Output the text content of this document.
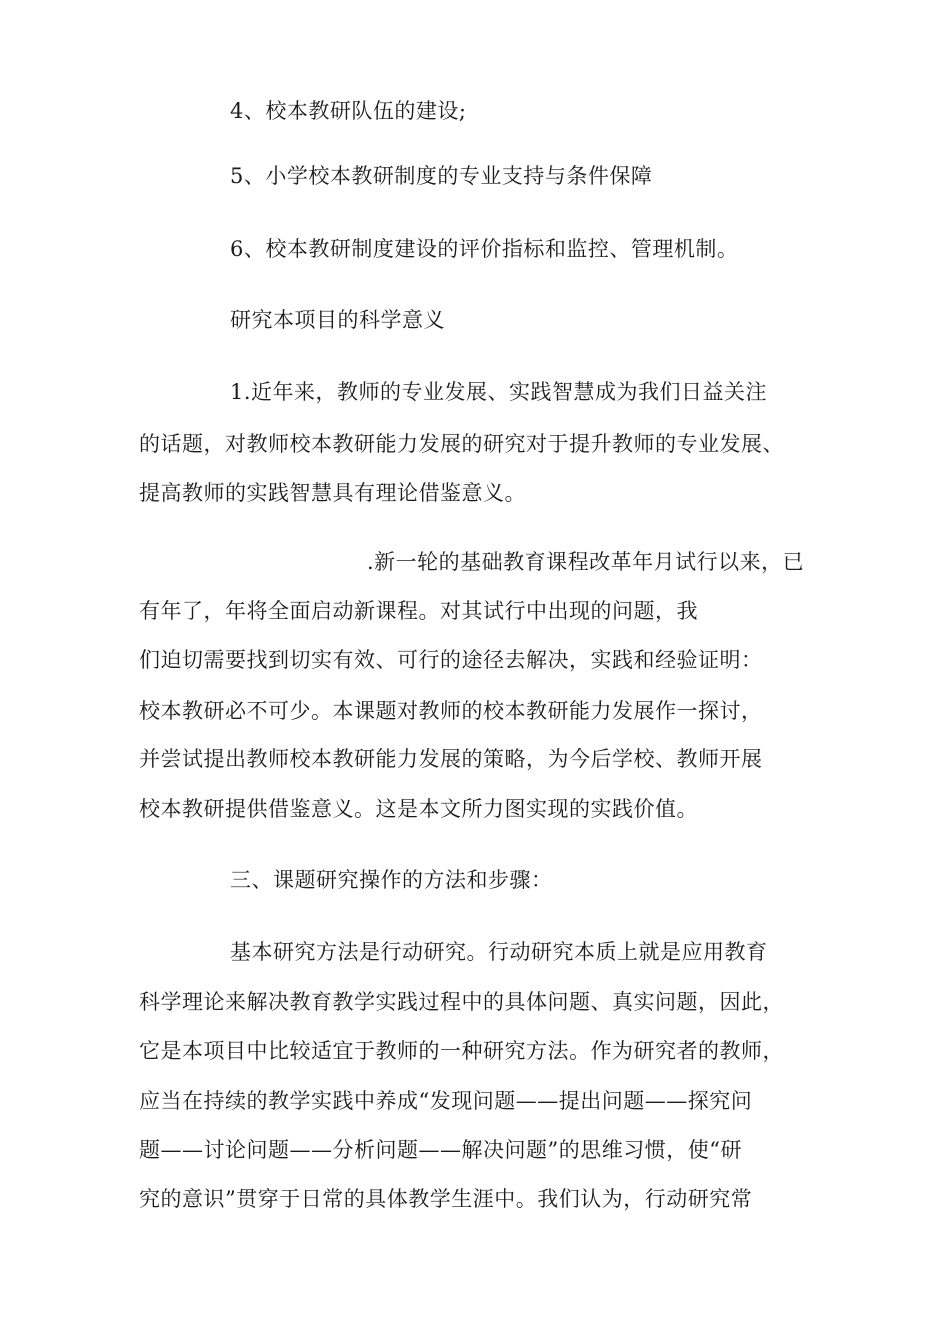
4、校本教研队伍的建设;
5、小学校本教研制度的专业支持与条件保障
6、校本教研制度建设的评价指标和监控、管理机制。
研究本项目的科学意义
1.近年来，教师的专业发展、实践智慧成为我们日益关注
的话题，对教师校本教研能力发展的研究对于提升教师的专业发展、
提高教师的实践智慧具有理论借鉴意义。
.新一轮的基础教育课程改革年月试行以来，已
有年了，年将全面启动新课程。对其试行中出现的问题，我
们迫切需要找到切实有效、可行的途径去解决，实践和经验证明：
校本教研必不可少。本课题对教师的校本教研能力发展作一探讨，
并尝试提出教师校本教研能力发展的策略，为今后学校、教师开展
校本教研提供借鉴意义。这是本文所力图实现的实践价值。
三、课题研究操作的方法和步骤：
基本研究方法是行动研究。行动研究本质上就是应用教育
科学理论来解决教育教学实践过程中的具体问题、真实问题，因此，
它是本项目中比较适宜于教师的一种研究方法。作为研究者的教师，
应当在持续的教学实践中养成“发现问题——提出问题——探究问
题——讨论问题——分析问题——解决问题”的思维习惯，使“研
究的意识”贯穿于日常的具体教学生涯中。我们认为，行动研究常
